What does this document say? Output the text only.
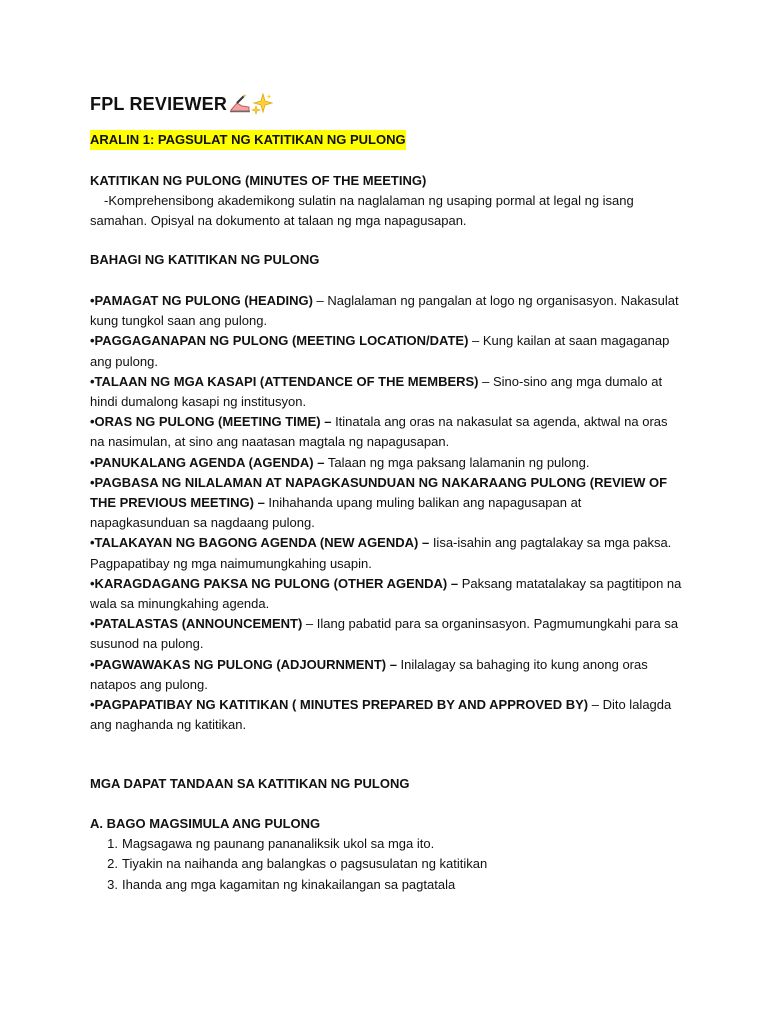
FPL REVIEWER
ARALIN 1: PAGSULAT NG KATITIKAN NG PULONG
KATITIKAN NG PULONG (MINUTES OF THE MEETING)
-Komprehensibong akademikong sulatin na naglalaman ng usaping pormal at legal ng isang
samahan. Opisyal na dokumento at talaan ng mga napagusapan.
BAHAGI NG KATITIKAN NG PULONG
•PAMAGAT NG PULONG (HEADING) – Naglalaman ng pangalan at logo ng organisasyon. Nakasulat kung tungkol saan ang pulong.
•PAGGAGANAPAN NG PULONG (MEETING LOCATION/DATE) – Kung kailan at saan magaganap ang pulong.
•TALAAN NG MGA KASAPI (ATTENDANCE OF THE MEMBERS) – Sino-sino ang mga dumalo at hindi dumalong kasapi ng institusyon.
•ORAS NG PULONG (MEETING TIME) – Itinatala ang oras na nakasulat sa agenda, aktwal na oras na nasimulan, at sino ang naatasan magtala ng napagusapan.
•PANUKALANG AGENDA (AGENDA) – Talaan ng mga paksang lalamanin ng pulong.
•PAGBASA NG NILALAMAN AT NAPAGKASUNDUAN NG NAKARAANG PULONG (REVIEW OF THE PREVIOUS MEETING) – Inihahanda upang muling balikan ang napagusapan at napagkasunduan sa nagdaang pulong.
•TALAKAYAN NG BAGONG AGENDA (NEW AGENDA) – Iisa-isahin ang pagtalakay sa mga paksa. Pagpapatibay ng mga naimumungkahing usapin.
•KARAGDAGANG PAKSA NG PULONG (OTHER AGENDA) – Paksang matatalakay sa pagtitipon na wala sa minungkahing agenda.
•PATALASTAS (ANNOUNCEMENT) – Ilang pabatid para sa organinsasyon. Pagmumungkahi para sa susunod na pulong.
•PAGWAWAKAS NG PULONG (ADJOURNMENT) – Inilalagay sa bahaging ito kung anong oras natapos ang pulong.
•PAGPAPATIBAY NG KATITIKAN ( MINUTES PREPARED BY AND APPROVED BY) – Dito lalagda ang naghanda ng katitikan.
MGA DAPAT TANDAAN SA KATITIKAN NG PULONG
A. BAGO MAGSIMULA ANG PULONG
1. Magsagawa ng paunang pananaliksik ukol sa mga ito.
2. Tiyakin na naihanda ang balangkas o pagsusulatan ng katitikan
3. Ihanda ang mga kagamitan ng kinakailangan sa pagtatala
